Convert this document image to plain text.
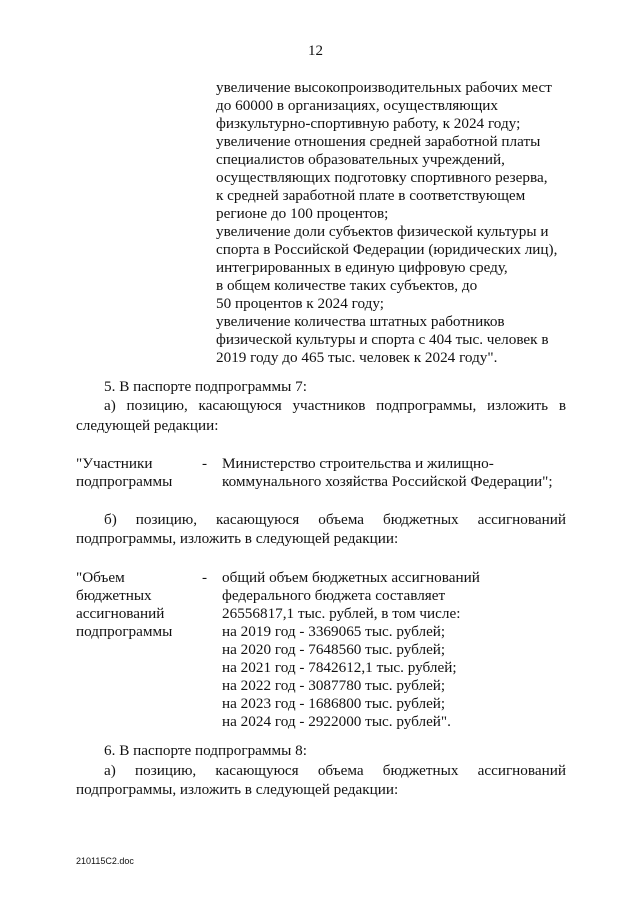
12
увеличение высокопроизводительных рабочих мест
до 60000 в организациях, осуществляющих
физкультурно-спортивную работу, к 2024 году;
увеличение отношения средней заработной платы
специалистов образовательных учреждений,
осуществляющих подготовку спортивного резерва,
к средней заработной плате в соответствующем
регионе до 100 процентов;
увеличение доли субъектов физической культуры и
спорта в Российской Федерации (юридических лиц),
интегрированных в единую цифровую среду,
в общем количестве таких субъектов, до
50 процентов к 2024 году;
увеличение количества штатных работников
физической культуры и спорта с 404 тыс. человек в
2019 году до 465 тыс. человек к 2024 году".
5. В паспорте подпрограммы 7:
а) позицию, касающуюся участников подпрограммы, изложить в
следующей редакции:
"Участники
подпрограммы
- Министерство строительства и жилищно-
коммунального хозяйства Российской Федерации";
б) позицию, касающуюся объема бюджетных ассигнований
подпрограммы, изложить в следующей редакции:
"Объем
бюджетных
ассигнований
подпрограммы
- общий объем бюджетных ассигнований
федерального бюджета составляет
26556817,1 тыс. рублей, в том числе:
на 2019 год - 3369065 тыс. рублей;
на 2020 год - 7648560 тыс. рублей;
на 2021 год - 7842612,1 тыс. рублей;
на 2022 год - 3087780 тыс. рублей;
на 2023 год - 1686800 тыс. рублей;
на 2024 год - 2922000 тыс. рублей".
6. В паспорте подпрограммы 8:
а) позицию, касающуюся объема бюджетных ассигнований
подпрограммы, изложить в следующей редакции:
210115C2.doc
